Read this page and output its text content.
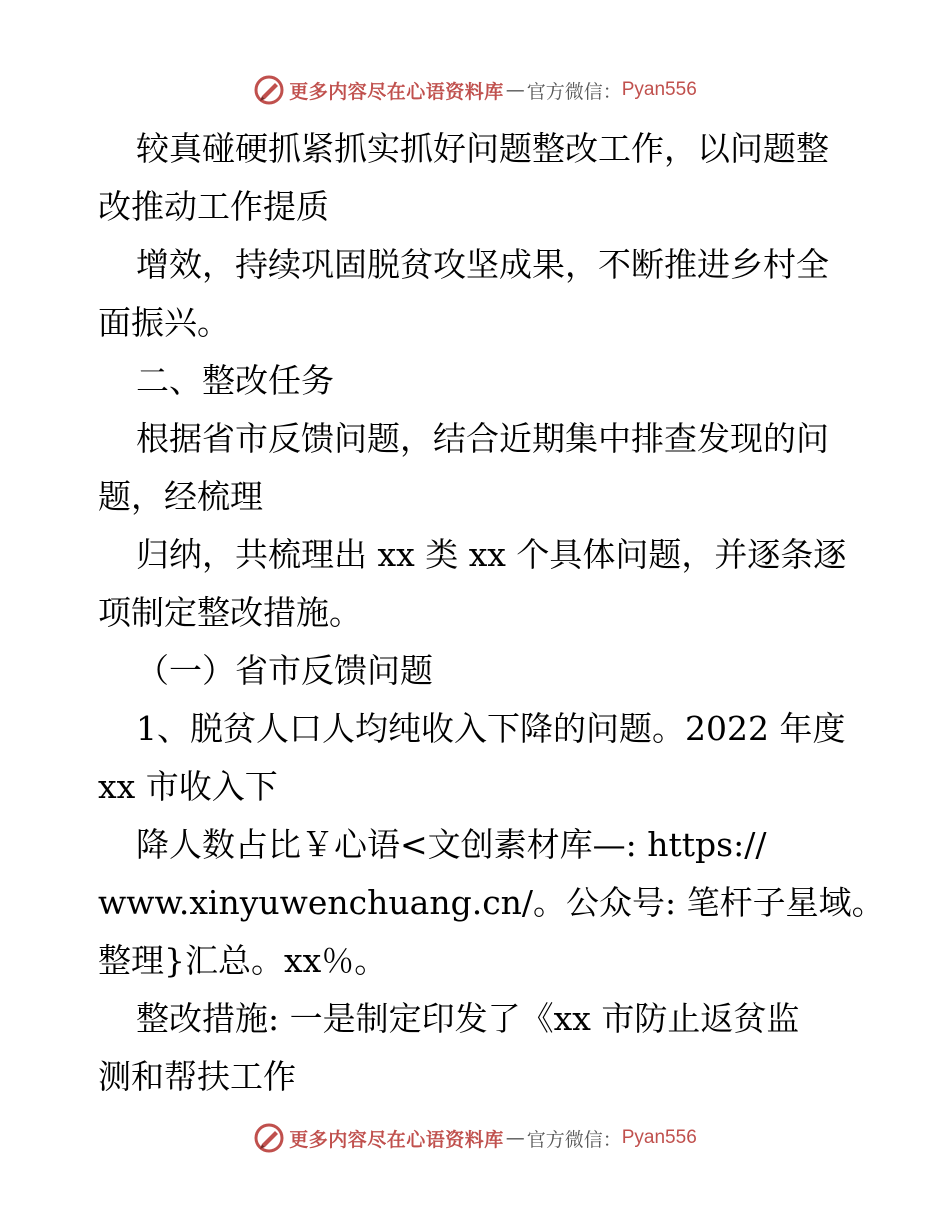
更多内容尽在心语资料库 — 官方微信： Pyan556

较真碰硬抓紧抓实抓好问题整改工作，以问题整

改推动工作提质

增效，持续巩固脱贫攻坚成果，不断推进乡村全

面振兴。

二、整改任务

根据省市反馈问题，结合近期集中排查发现的问

题，经梳理

归纳，共梳理出 xx 类 xx 个具体问题，并逐条逐

项制定整改措施。

（一）省市反馈问题

1、脱贫人口人均纯收入下降的问题。2022 年度

xx 市收入下

降人数占比￥心语<文创素材库—: https://

www.xinyuwenchuang.cn/。公众号: 笔杆子星域。

整理}汇总。xx％。

整改措施: 一是制定印发了《xx 市防止返贫监

测和帮扶工作

更多内容尽在心语资料库 — 官方微信： Pyan556
